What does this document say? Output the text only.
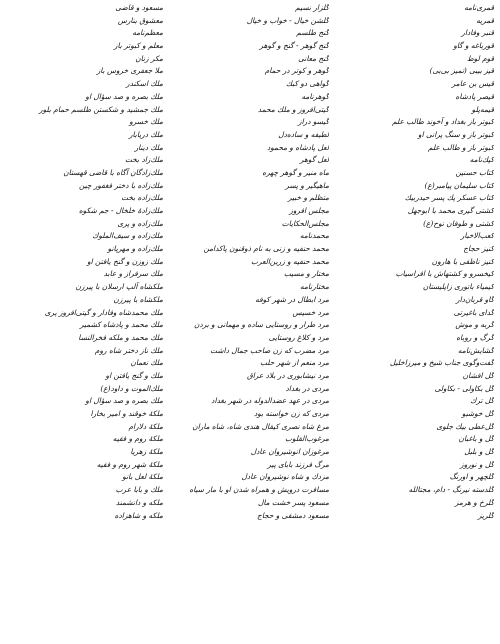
قمرى‌نامه
قمريه
قنبر وفادار
قورباغه و گاو
قوم لوط
قيز بيبى (تميز بى‌بى)
قيس بن عامر
قيصر پادشاه
قيمه‌پلو
كبوتر باز بغداد و آخوند طالب علم
كبوتر باز و سنگ پرانى او
كبوتر باز و طالب علم
كپك‌نامه
كتاب حسنين
كتاب سليمان پيامبر(ع)
كتاب عسكر پك پسر حيدربيك
كشتى گيرى محمد با ابوجهل
كشتى و طوفان نوح(ع)
كعب‌الاخبار
كنيز حجاج
كنيز ناظقى با هارون
كيخسرو و كشتهاش با افراسياب
كيمياء باتورى زاپليستان
گاو قربان‌دار
گداى باغيرتى
گربه و موش
گرگ و روباه
گشايش‌نامه
گفت‌وگوى جناب شيخ و ميرزاخليل
گل افشان
گل بكاولى - بكاولى
گل ترك
گل خوشبو
گل‌عطى بيك جلوى
گل و باغبان
گل و بلبل
گل و نوروز
گلچهر و اورنگ
گلدسته نيرنگ - دام، مجتالله
گلرخ و هرمز
گلريز
گلزار نسيم
گلشن خيال - خواب و خيال
گنج طلسم
گنج گوهر - گنج و گوهر
گنج معانى
گوهر و كوتر در حمام
گواهى دو كبك
گوهرنامه
گيتى‌افروز و ملك محمد
گيسو دراز
لطيفه و ساده‌دل
لعل پادشاه و محمود
لعل گوهر
ماه منير و گوهر چهره
ماهيگير و پسر
متظلم و خبير
مجلس افروز
مجلس‌الحكايات
محمدنامه
محمد حنفيه و زنى به نام ذوقنون پاكدامن
محمد حنفيه و زرين‌العرب
مختار و مسيب
مختارنامه
مرد ابطال در شهر كوفه
مرد خسيس
مرد طرار و روستايى ساده و مهمانى و بردن
مرد و كلاغ روستايى
مرد مضرب كه زن صاحب جمال داشت
مرد منعم از شهر حلب
مرد نيشابورى در بلاد عراق
مردى در بغداد
مردى در عهد عضدالدوله در شهر بغداد
مردى كه زن خواسته بود
مرغ شاه نصرى كيقال هندى شاه، شاه ماران
مرغوب‌القلوب
مرغوزان انوشيروان عادل
مرگ فرزند بابای پير
مزدك و شاه نوشيروان عادل
مسافرت درويش و همراه شدن او با مار سياه
مسعود پسر خشت مال
مسعود دمشقى و حجاج
مسعود و قاضى
معشوق بنارس
معظم‌نامه
معلم و كبوتر باز
مكر زنان
ملا جعفرى خروس باز
ملك اسكندر
ملك بصره و صد سؤال او
ملك جمشيد و شكستن طلسم حمام بلور
ملك خسرو
ملك دريابار
ملك دينار
ملك‌زاد بخت
ملك‌زادگان آگاه با قاضى قهستان
ملك‌زاده با دختر فغفور چين
ملك‌زاده بخت
ملك‌زادهٔ خلخال - جم شكوه
ملك‌زاده و پرى
ملك‌زاده و سيف‌الملوك
ملك‌زاده و مهرپانو
ملك زوزن و گنج يافتن او
ملك سرفراز و عابد
ملكشاه آلپ ارسلان با پيرزن
ملكشاه با پيرزن
ملك محمدشاه وفادار و گيتى‌افروز پرى
ملك محمد و پادشاه كشمير
ملك محمد و ملكه فخرالنسا
ملك ناز دختر شاه روم
ملك نعمان
ملك و گنج يافتن او
ملك‌الموت و داود(ع)
ملك بصره و صد سؤال او
ملكهٔ خوقند و امير بخارا
ملكهٔ دلارام
ملكهٔ روم و فقيه
ملكهٔ زهريا
ملكهٔ شهر روم و فقيه
ملكهٔ لعل بانو
ملك و بابا عرب
ملكه و دانشمند
ملكه و شاهزاده
